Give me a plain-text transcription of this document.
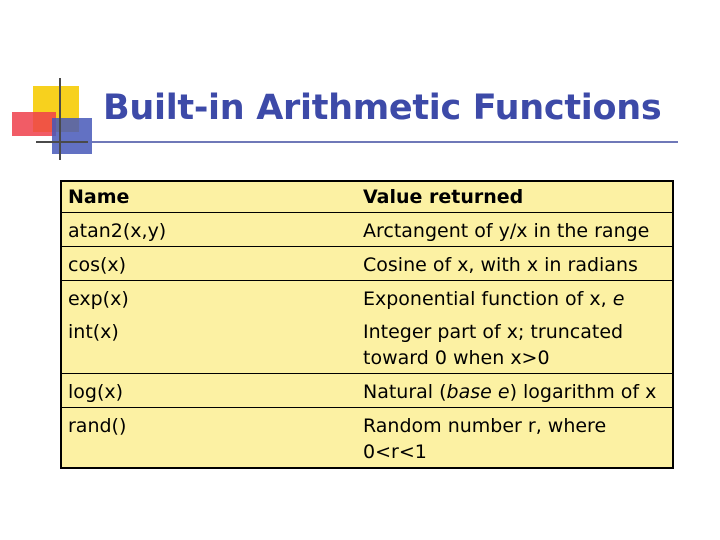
Built-in Arithmetic Functions
Name	Value returned
atan2(x,y)	Arctangent of y/x in the range
cos(x)	Cosine of x, with x in radians
exp(x)	Exponential function of x, e
int(x)	Integer part of x; truncated toward 0 when x>0
log(x)	Natural (base e) logarithm of x
rand()	Random number r, where 0<r<1
